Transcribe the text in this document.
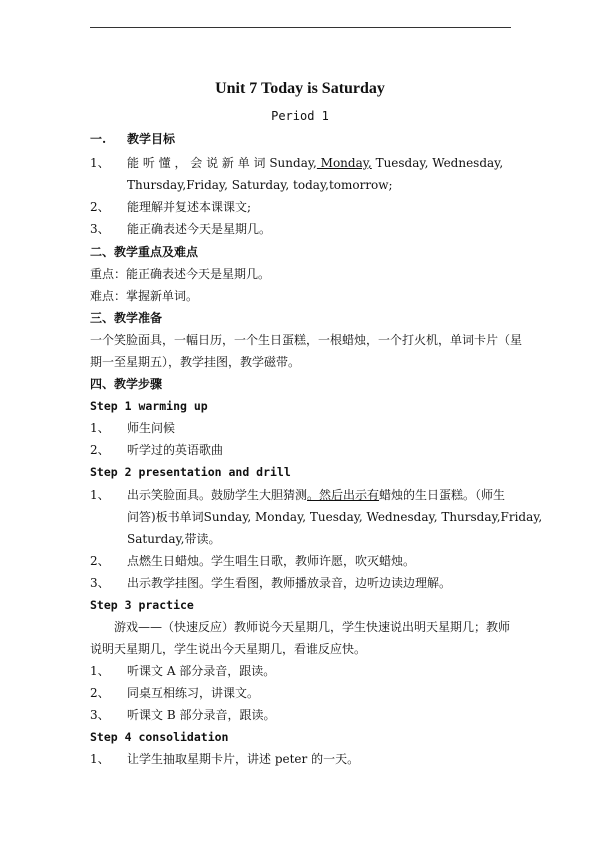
Unit 7 Today is Saturday
Period 1
一. 教学目标
1、 能 听 懂 ， 会 说 新 单 词 Sunday, Monday, Tuesday, Wednesday,
Thursday,Friday, Saturday, today,tomorrow;
2、 能理解并复述本课课文;
3、 能正确表述今天是星期几。
二、教学重点及难点
重点：能正确表述今天是星期几。
难点：掌握新单词。
三、教学准备
一个笑脸面具，一幅日历，一个生日蛋糕，一根蜡烛，一个打火机，单词卡片（星
期一至星期五），教学挂图，教学磁带。
四、教学步骤
Step 1 warming up
1、 师生问候
2、 听学过的英语歌曲
Step 2 presentation and drill
1、 出示笑脸面具。鼓励学生大胆猜测。然后出示有蜡烛的生日蛋糕。（师生
问答)板书单词Sunday, Monday, Tuesday, Wednesday, Thursday,Friday,
Saturday,带读。
2、 点燃生日蜡烛。学生唱生日歌，教师许愿，吹灭蜡烛。
3、 出示教学挂图。学生看图，教师播放录音，边听边读边理解。
Step 3 practice
游戏——（快速反应）教师说今天星期几，学生快速说出明天星期几；教师
说明天星期几，学生说出今天星期几，看谁反应快。
1、 听课文 A 部分录音，跟读。
2、 同桌互相练习，讲课文。
3、 听课文 B 部分录音，跟读。
Step 4 consolidation
1、 让学生抽取星期卡片，讲述 peter 的一天。
